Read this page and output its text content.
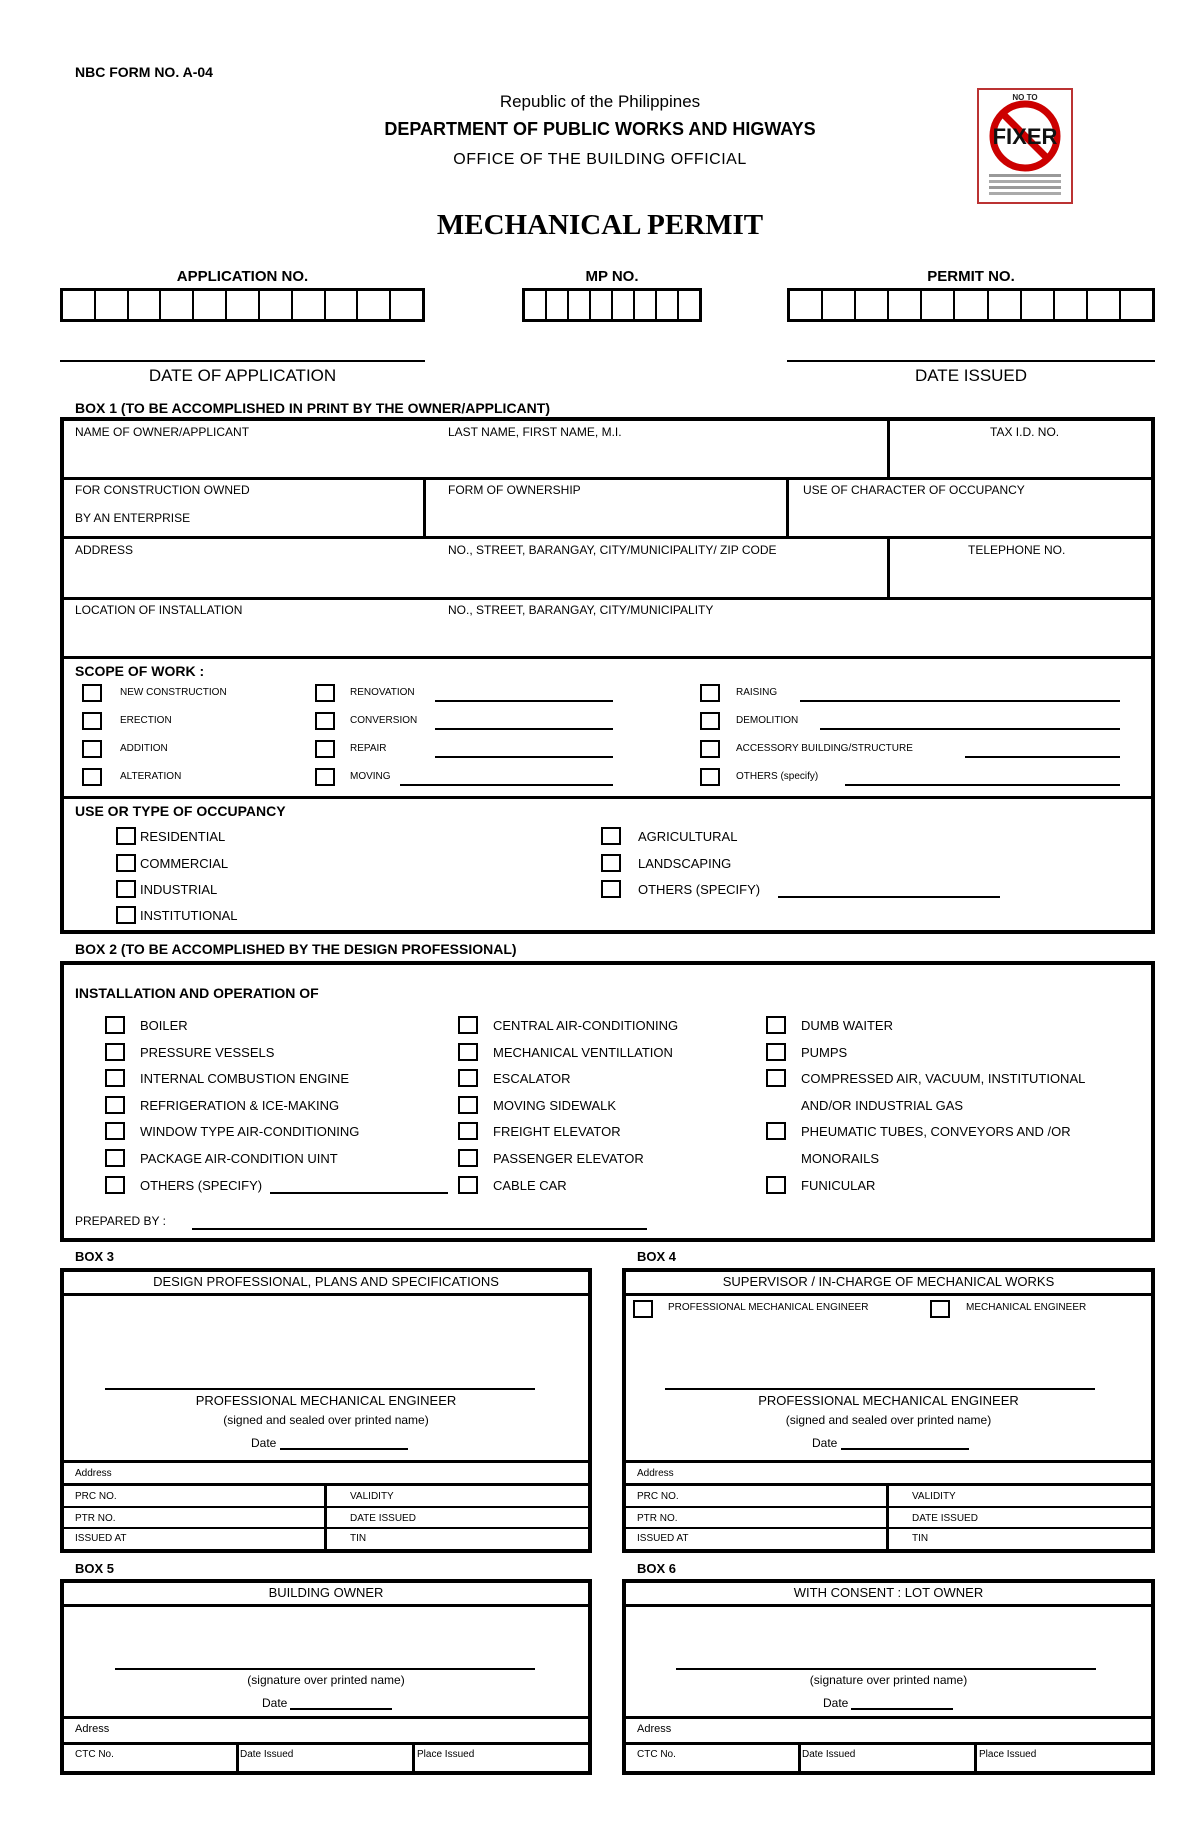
NBC FORM NO. A-04
Republic of the Philippines
DEPARTMENT OF PUBLIC WORKS AND HIGWAYS
OFFICE OF THE BUILDING OFFICIAL
MECHANICAL PERMIT
NO TO
FIXER
APPLICATION NO.	MP NO.	PERMIT NO.
DATE OF APPLICATION	DATE ISSUED
BOX 1 (TO BE ACCOMPLISHED IN PRINT BY THE OWNER/APPLICANT)
NAME OF OWNER/APPLICANT	LAST NAME, FIRST NAME, M.I.	TAX I.D. NO.
FOR CONSTRUCTION OWNED
BY AN ENTERPRISE
FORM OF OWNERSHIP	USE OF CHARACTER OF OCCUPANCY
ADDRESS	NO., STREET, BARANGAY, CITY/MUNICIPALITY/ ZIP CODE	TELEPHONE NO.
LOCATION OF INSTALLATION	NO., STREET, BARANGAY, CITY/MUNICIPALITY
SCOPE OF WORK :
NEW CONSTRUCTION
ERECTION
ADDITION
ALTERATION
RENOVATION
CONVERSION
REPAIR
MOVING
RAISING
DEMOLITION
ACCESSORY BUILDING/STRUCTURE
OTHERS (specify)
USE OR TYPE OF OCCUPANCY
RESIDENTIAL
COMMERCIAL
INDUSTRIAL
INSTITUTIONAL
AGRICULTURAL
LANDSCAPING
OTHERS (SPECIFY)
BOX 2 (TO BE ACCOMPLISHED BY THE DESIGN PROFESSIONAL)
INSTALLATION AND OPERATION OF
BOILER
PRESSURE VESSELS
INTERNAL COMBUSTION ENGINE
REFRIGERATION & ICE-MAKING
WINDOW TYPE AIR-CONDITIONING
PACKAGE AIR-CONDITION UINT
OTHERS (SPECIFY)
CENTRAL AIR-CONDITIONING
MECHANICAL VENTILLATION
ESCALATOR
MOVING SIDEWALK
FREIGHT ELEVATOR
PASSENGER ELEVATOR
CABLE CAR
DUMB WAITER
PUMPS
COMPRESSED AIR, VACUUM, INSTITUTIONAL
AND/OR INDUSTRIAL GAS
PHEUMATIC TUBES, CONVEYORS AND /OR
MONORAILS
FUNICULAR
PREPARED BY :
BOX 3
DESIGN PROFESSIONAL, PLANS AND SPECIFICATIONS
PROFESSIONAL MECHANICAL ENGINEER
(signed and sealed over printed name)
Date
Address
PRC NO.	VALIDITY
PTR NO.	DATE ISSUED
ISSUED AT	TIN
BOX 4
SUPERVISOR / IN-CHARGE OF MECHANICAL WORKS
PROFESSIONAL MECHANICAL ENGINEER	MECHANICAL ENGINEER
PROFESSIONAL MECHANICAL ENGINEER
(signed and sealed over printed name)
Date
Address
PRC NO.	VALIDITY
PTR NO.	DATE ISSUED
ISSUED AT	TIN
BOX 5
BUILDING OWNER
(signature over printed name)
Date
Adress
CTC No.	Date Issued	Place Issued
BOX 6
WITH CONSENT : LOT OWNER
(signature over printed name)
Date
Adress
CTC No.	Date Issued	Place Issued
